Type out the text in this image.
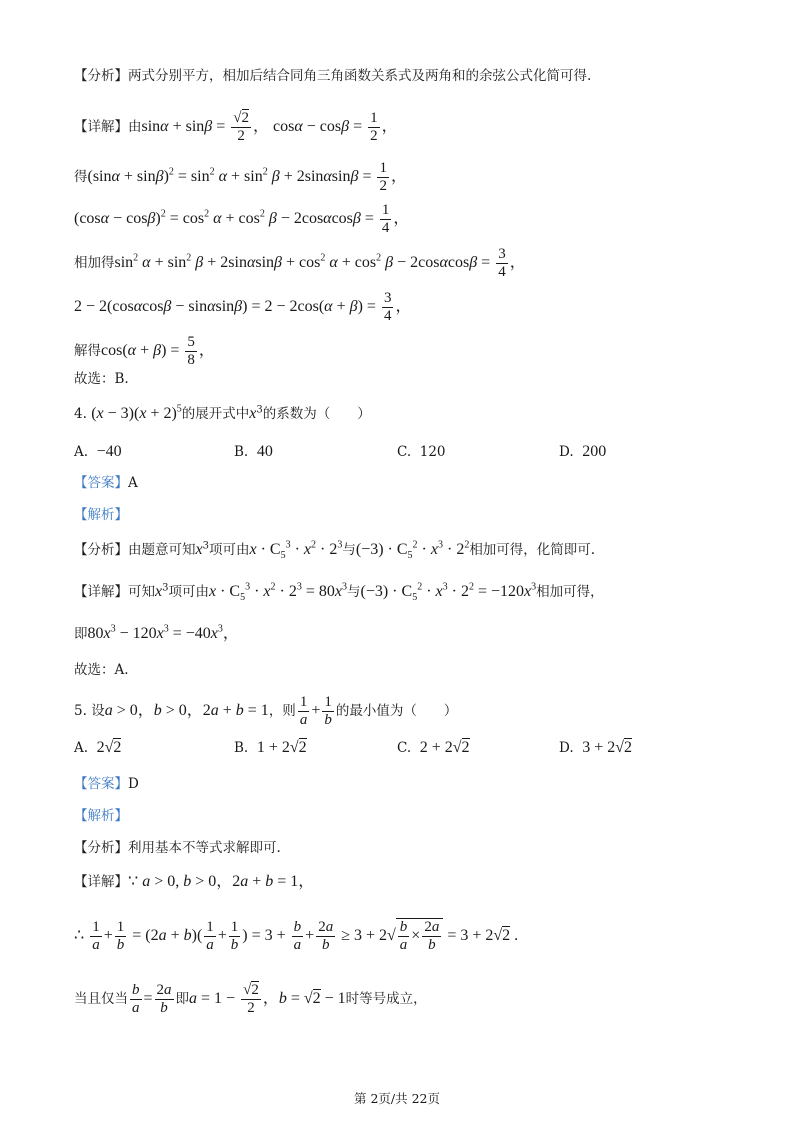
【分析】两式分别平方，相加后结合同角三角函数关系式及两角和的余弦公式化简可得.
【详解】由$\sin\alpha + \sin\beta = \frac{√2}{2}$ ， $\cos\alpha - \cos\beta = \frac{1}{2}$ ，
得$(\sin\alpha + \sin\beta)^2 = \sin^2 \alpha + \sin^2 \beta + 2\sin\alpha\sin\beta = \frac{1}{2}$ ，
$(\cos\alpha - \cos\beta)^2 = \cos^2 \alpha + \cos^2 \beta - 2\cos\alpha\cos\beta = \frac{1}{4}$ ，
相加得$\sin^2 \alpha + \sin^2 \beta + 2\sin\alpha\sin\beta + \cos^2 \alpha + \cos^2 \beta - 2\cos\alpha\cos\beta = \frac{3}{4}$ ，
$2 - 2(\cos\alpha\cos\beta - \sin\alpha\sin\beta) = 2 - 2\cos(\alpha + \beta) = \frac{3}{4}$ ，
解得$\cos(\alpha + \beta) = \frac{5}{8}$ ，
故选：B.
4. $(x - 3)(x + 2)^5$的展开式中$x^3$的系数为（　　）
A. −40	B. 40	C. 120	D. 200
【答案】A
【解析】
【分析】由题意可知$x^3$项可由$x \cdot C_5^3 \cdot x^2 \cdot 2^3$与$(-3) \cdot C_5^2 \cdot x^3 \cdot 2^2$相加可得，化简即可.
【详解】可知$x^3$项可由$x \cdot C_5^3 \cdot x^2 \cdot 2^3 = 80x^3$与$(-3) \cdot C_5^2 \cdot x^3 \cdot 2^2 = -120x^3$相加可得，
即$80x^3 - 120x^3 = -40x^3$，
故选：A.
5. 设a > 0，b > 0，2a + b = 1，则 $\frac{1}{a} + \frac{1}{b}$ 的最小值为（　　）
A. 2√2	B. 1 + 2√2	C. 2 + 2√2	D. 3 + 2√2
【答案】D
【解析】
【分析】利用基本不等式求解即可.
【详解】∵ a > 0, b > 0，2a + b = 1，
∴ $\frac{1}{a} + \frac{1}{b} = (2a + b)( \frac{1}{a} + \frac{1}{b}$ ) = $3 + \frac{b}{a} + \frac{2a}{b} \ge 3 + 2√ \frac{b}{a} \times \frac{2a}{b} = 3 + 2√2$ .
当且仅当 $\frac{b}{a} = \frac{2a}{b}$ 即$a = 1 - \frac{√2}{2}$ ，b = √2 − 1时等号成立，
第 2页/共 22页
